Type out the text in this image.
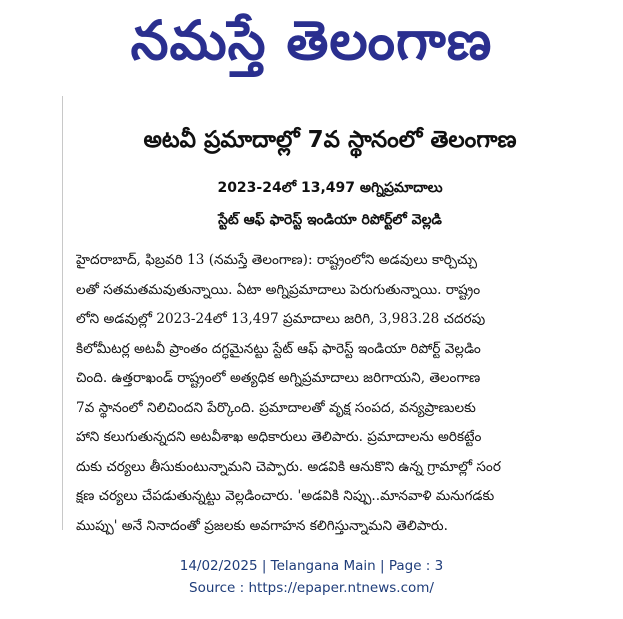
నమస్తే తెలంగాణ
అటవీ ప్రమాదాల్లో 7వ స్థానంలో తెలంగాణ
2023-24లో 13,497 అగ్నిప్రమాదాలు
స్టేట్ ఆఫ్ ఫారెస్ట్ ఇండియా రిపోర్ట్‌లో వెల్లడి
హైదరాబాద్, ఫిబ్రవరి 13 (నమస్తే తెలంగాణ): రాష్ట్రంలోని అడవులు కార్చిచ్చు
లతో సతమతమవుతున్నాయి. ఏటా అగ్నిప్రమాదాలు పెరుగుతున్నాయి. రాష్ట్రం
లోని అడవుల్లో 2023-24లో 13,497 ప్రమాదాలు జరిగి, 3,983.28 చదరపు
కిలోమీటర్ల అటవీ ప్రాంతం దగ్ధమైనట్టు స్టేట్ ఆఫ్ ఫారెస్ట్ ఇండియా రిపోర్ట్ వెల్లడిం
చింది. ఉత్తరాఖండ్ రాష్ట్రంలో అత్యధిక అగ్నిప్రమాదాలు జరిగాయని, తెలంగాణ
7వ స్థానంలో నిలిచిందని పేర్కొంది. ప్రమాదాలతో వృక్ష సంపద, వన్యప్రాణులకు
హాని కలుగుతున్నదని అటవీశాఖ అధికారులు తెలిపారు. ప్రమాదాలను అరికట్టేం
దుకు చర్యలు తీసుకుంటున్నామని చెప్పారు. అడవికి ఆనుకొని ఉన్న గ్రామాల్లో సంర
క్షణ చర్యలు చేపడుతున్నట్టు వెల్లడించారు. 'అడవికి నిప్పు..మానవాళి మనుగడకు
ముప్పు' అనే నినాదంతో ప్రజలకు అవగాహన కలిగిస్తున్నామని తెలిపారు.
14/02/2025 | Telangana Main | Page : 3
Source : https://epaper.ntnews.com/
